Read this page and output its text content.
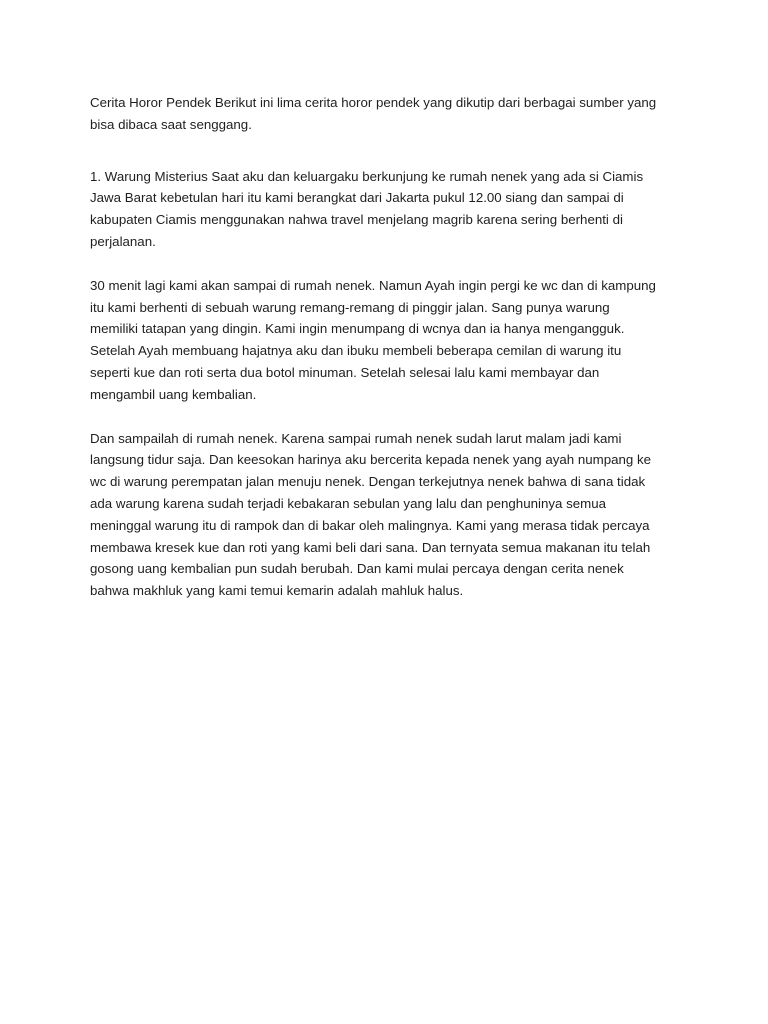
Cerita Horor Pendek Berikut ini lima cerita horor pendek yang dikutip dari berbagai sumber yang
bisa dibaca saat senggang.

1. Warung Misterius Saat aku dan keluargaku berkunjung ke rumah nenek yang ada si Ciamis
Jawa Barat kebetulan hari itu kami berangkat dari Jakarta pukul 12.00 siang dan sampai di
kabupaten Ciamis menggunakan nahwa travel menjelang magrib karena sering berhenti di
perjalanan.

30 menit lagi kami akan sampai di rumah nenek. Namun Ayah ingin pergi ke wc dan di kampung
itu kami berhenti di sebuah warung remang-remang di pinggir jalan. Sang punya warung
memiliki tatapan yang dingin. Kami ingin menumpang di wcnya dan ia hanya mengangguk.
Setelah Ayah membuang hajatnya aku dan ibuku membeli beberapa cemilan di warung itu
seperti kue dan roti serta dua botol minuman. Setelah selesai lalu kami membayar dan
mengambil uang kembalian.

Dan sampailah di rumah nenek. Karena sampai rumah nenek sudah larut malam jadi kami
langsung tidur saja. Dan keesokan harinya aku bercerita kepada nenek yang ayah numpang ke
wc di warung perempatan jalan menuju nenek. Dengan terkejutnya nenek bahwa di sana tidak
ada warung karena sudah terjadi kebakaran sebulan yang lalu dan penghuninya semua
meninggal warung itu di rampok dan di bakar oleh malingnya. Kami yang merasa tidak percaya
membawa kresek kue dan roti yang kami beli dari sana. Dan ternyata semua makanan itu telah
gosong uang kembalian pun sudah berubah. Dan kami mulai percaya dengan cerita nenek
bahwa makhluk yang kami temui kemarin adalah mahluk halus.
